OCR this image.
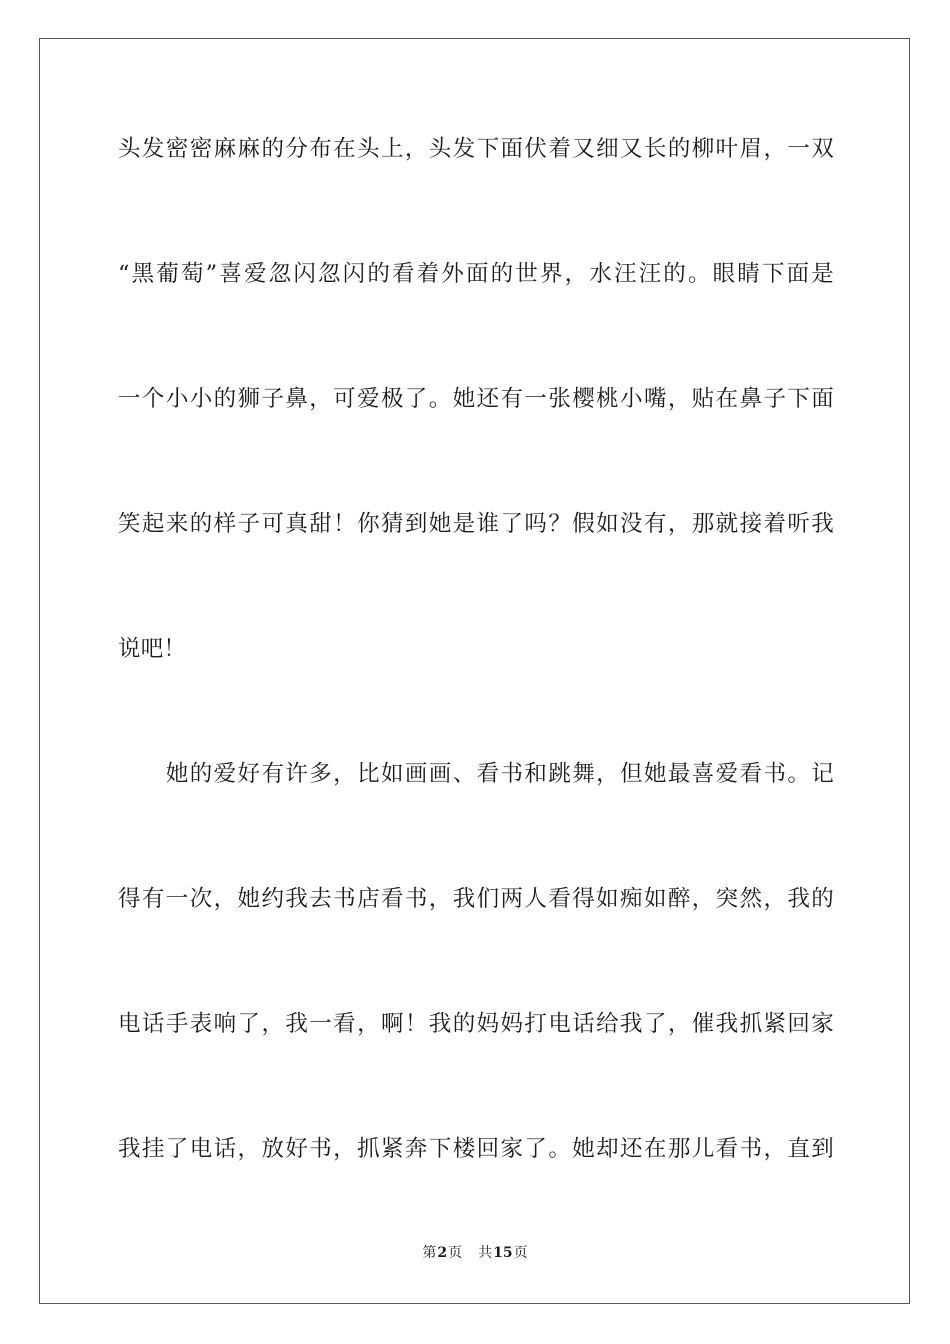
头发密密麻麻的分布在头上，头发下面伏着又细又长的柳叶眉，一双
“黑葡萄”喜爱忽闪忽闪的看着外面的世界，水汪汪的。眼睛下面是
一个小小的狮子鼻，可爱极了。她还有一张樱桃小嘴，贴在鼻子下面
笑起来的样子可真甜！你猜到她是谁了吗？假如没有，那就接着听我
说吧！
　　她的爱好有许多，比如画画、看书和跳舞，但她最喜爱看书。记
得有一次，她约我去书店看书，我们两人看得如痴如醉，突然，我的
电话手表响了，我一看，啊！我的妈妈打电话给我了，催我抓紧回家
我挂了电话，放好书，抓紧奔下楼回家了。她却还在那儿看书，直到
第2页 共15页
